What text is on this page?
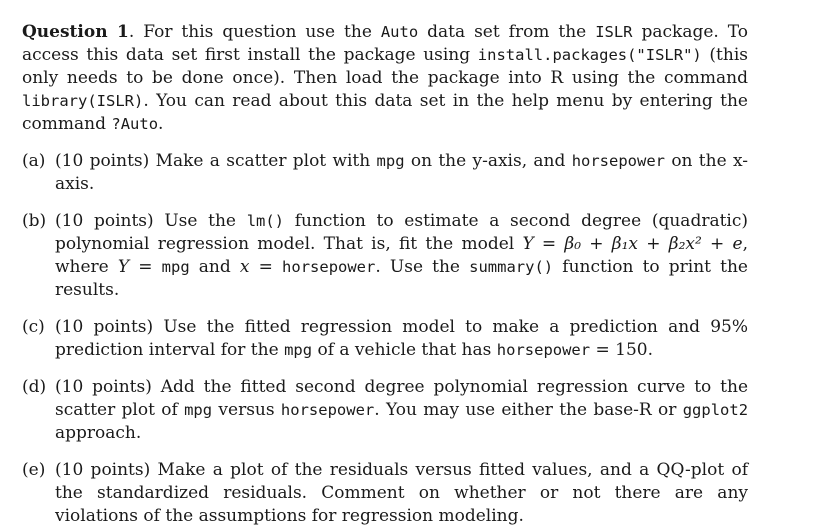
Question 1. For this question use the Auto data set from the ISLR package. To access this data set first install the package using install.packages("ISLR") (this only needs to be done once). Then load the package into R using the command library(ISLR). You can read about this data set in the help menu by entering the command ?Auto.

(a) (10 points) Make a scatter plot with mpg on the y-axis, and horsepower on the x-axis.
(b) (10 points) Use the lm() function to estimate a second degree (quadratic) polynomial regression model. That is, fit the model Y = β₀ + β₁x + β₂x² + e, where Y = mpg and x = horsepower. Use the summary() function to print the results.
(c) (10 points) Use the fitted regression model to make a prediction and 95% prediction interval for the mpg of a vehicle that has horsepower = 150.
(d) (10 points) Add the fitted second degree polynomial regression curve to the scatter plot of mpg versus horsepower. You may use either the base-R or ggplot2 approach.
(e) (10 points) Make a plot of the residuals versus fitted values, and a QQ-plot of the standardized residuals. Comment on whether or not there are any violations of the assumptions for regression modeling.
